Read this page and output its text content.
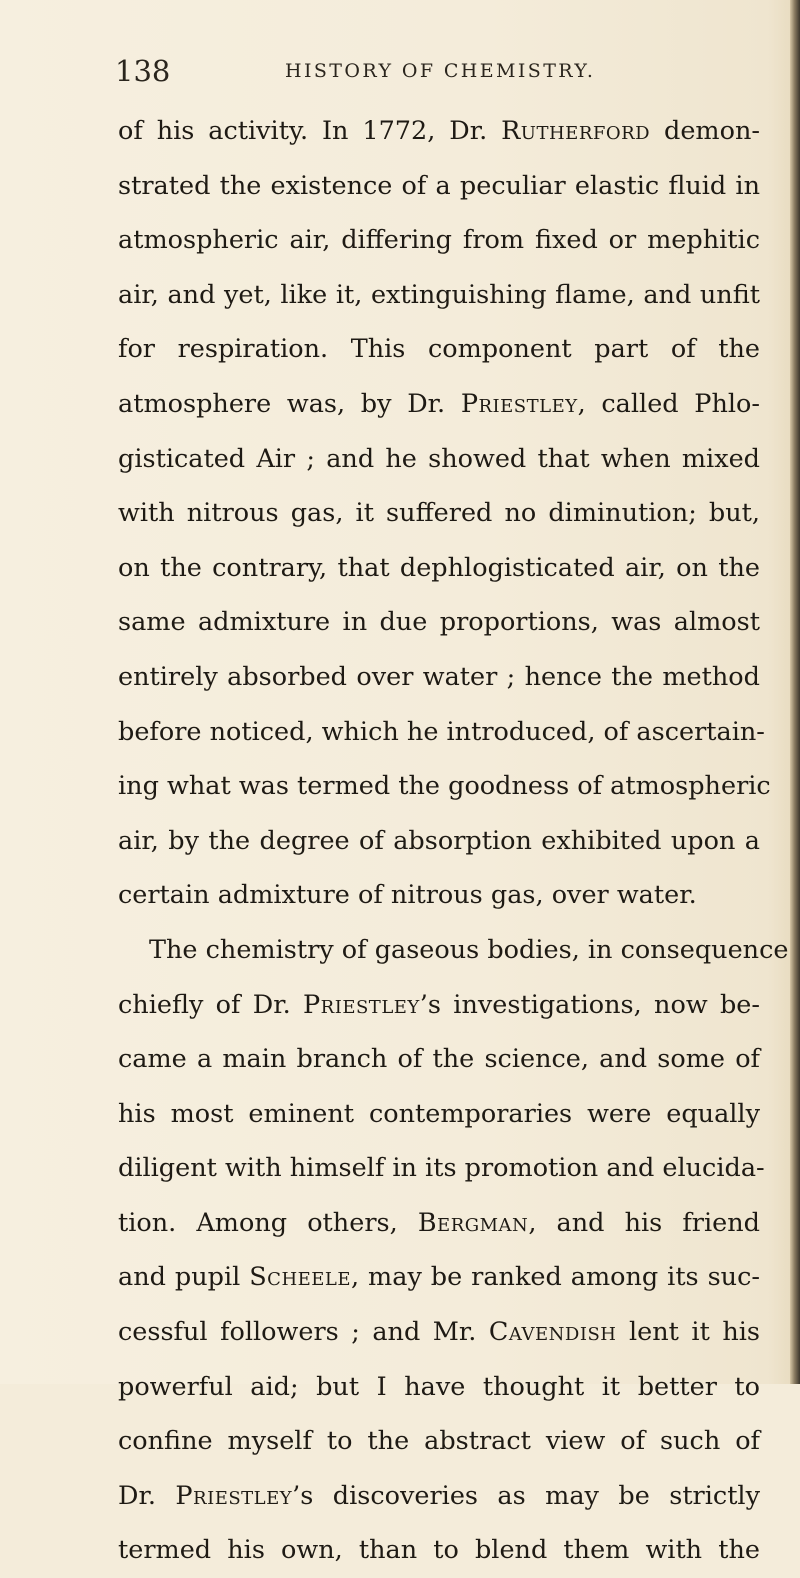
138	HISTORY OF CHEMISTRY.
of his activity. In 1772, Dr. Rutherford demon-
strated the existence of a peculiar elastic fluid in
atmospheric air, differing from fixed or mephitic
air, and yet, like it, extinguishing flame, and unfit
for respiration. This component part of the
atmosphere was, by Dr. Priestley, called Phlo-
gisticated Air ; and he showed that when mixed
with nitrous gas, it suffered no diminution; but,
on the contrary, that dephlogisticated air, on the
same admixture in due proportions, was almost
entirely absorbed over water ; hence the method
before noticed, which he introduced, of ascertain-
ing what was termed the goodness of atmospheric
air, by the degree of absorption exhibited upon a
certain admixture of nitrous gas, over water.
The chemistry of gaseous bodies, in consequence
chiefly of Dr. Priestley’s investigations, now be-
came a main branch of the science, and some of
his most eminent contemporaries were equally
diligent with himself in its promotion and elucida-
tion. Among others, Bergman, and his friend
and pupil Scheele, may be ranked among its suc-
cessful followers ; and Mr. Cavendish lent it his
powerful aid; but I have thought it better to
confine myself to the abstract view of such of
Dr. Priestley’s discoveries as may be strictly
termed his own, than to blend them with the
